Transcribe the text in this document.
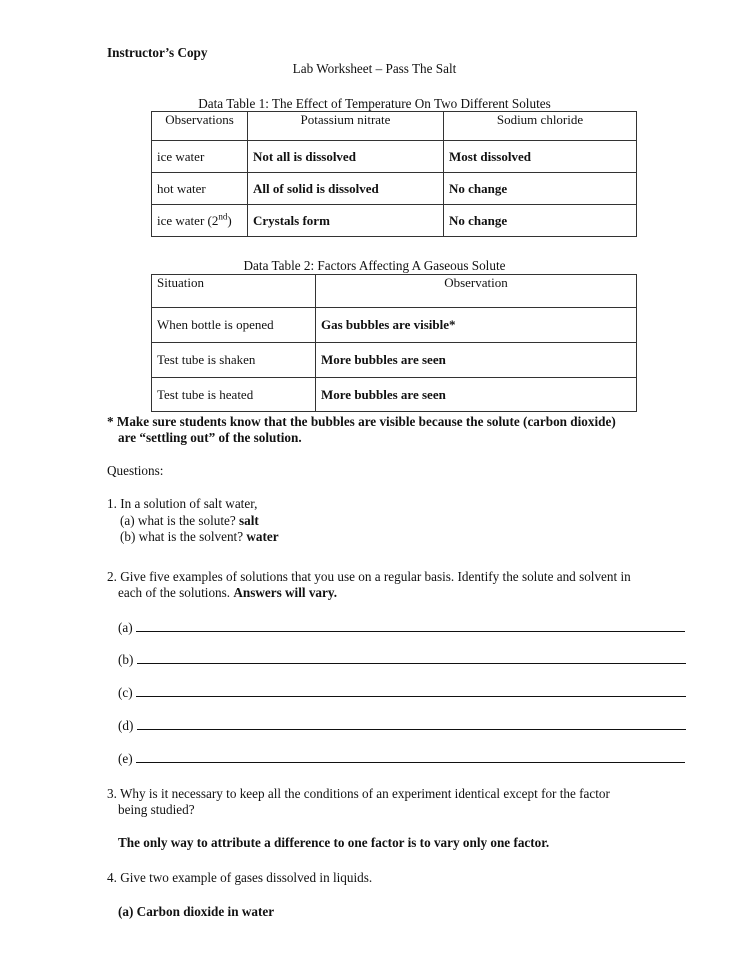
Instructor’s Copy
Lab Worksheet – Pass The Salt
Data Table 1: The Effect of Temperature On Two Different Solutes
Observations	Potassium nitrate	Sodium chloride
ice water	Not all is dissolved	Most dissolved
hot water	All of solid is dissolved	No change
ice water (2nd)	Crystals form	No change
Data Table 2: Factors Affecting A Gaseous Solute
Situation	Observation
When bottle is opened	Gas bubbles are visible*
Test tube is shaken	More bubbles are seen
Test tube is heated	More bubbles are seen
* Make sure students know that the bubbles are visible because the solute (carbon dioxide)
are “settling out” of the solution.
Questions:
1. In a solution of salt water,
(a) what is the solute? salt
(b) what is the solvent? water
2. Give five examples of solutions that you use on a regular basis. Identify the solute and solvent in
each of the solutions. Answers will vary.
(a)
(b)
(c)
(d)
(e)
3. Why is it necessary to keep all the conditions of an experiment identical except for the factor
being studied?
The only way to attribute a difference to one factor is to vary only one factor.
4. Give two example of gases dissolved in liquids.
(a) Carbon dioxide in water
